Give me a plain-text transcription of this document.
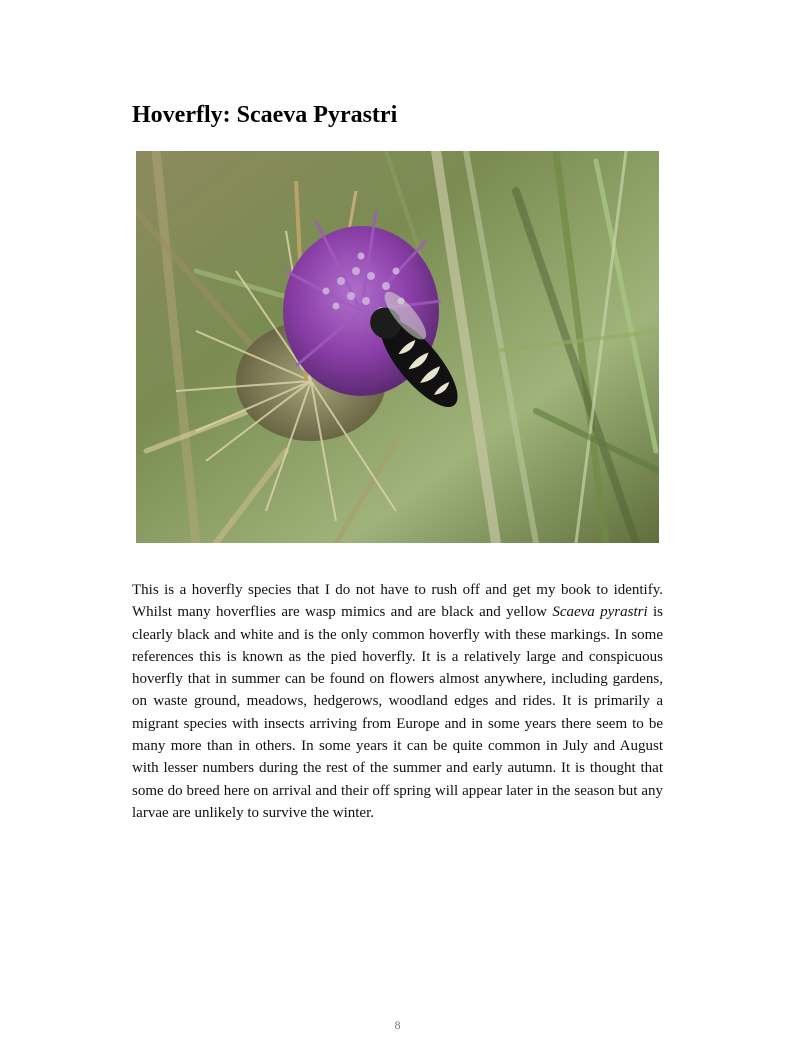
Hoverfly: Scaeva Pyrastri

This is a hoverfly species that I do not have to rush off and get my book to identify. Whilst many hoverflies are wasp mimics and are black and yellow Scaeva pyrastri is clearly black and white and is the only common hoverfly with these markings. In some references this is known as the pied hoverfly. It is a relatively large and conspicuous hoverfly that in summer can be found on flowers almost anywhere, including gardens, on waste ground, meadows, hedgerows, woodland edges and rides. It is primarily a migrant species with insects arriving from Europe and in some years there seem to be many more than in others. In some years it can be quite common in July and August with lesser numbers during the rest of the summer and early autumn. It is thought that some do breed here on arrival and their off spring will appear later in the season but any larvae are unlikely to survive the winter.

8
